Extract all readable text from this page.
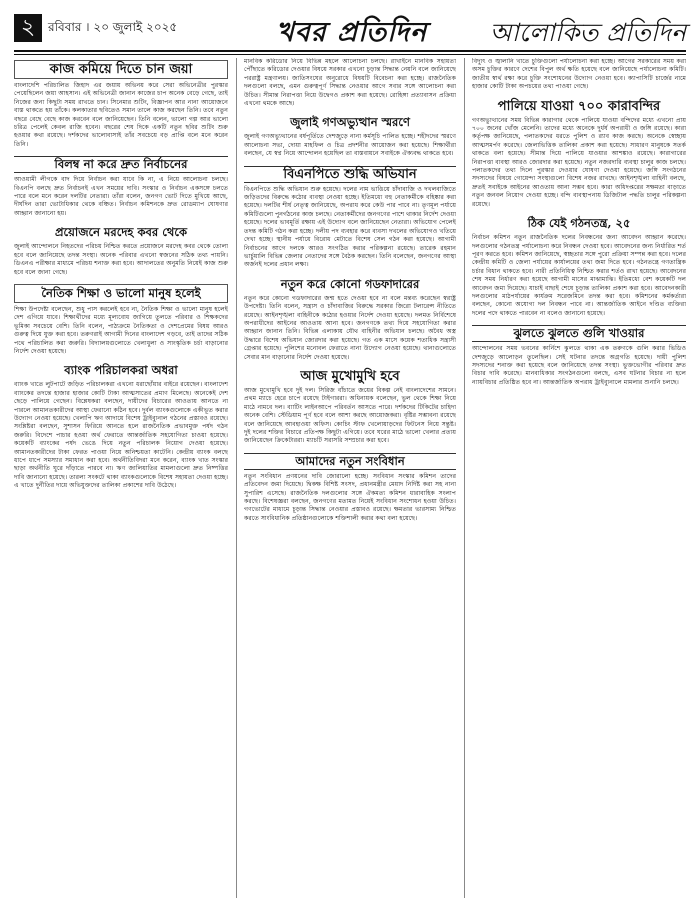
২	রবিবার । ২০ জুলাই ২০২৫	খবর প্রতিদিন	আলোকিত প্রতিদিন
কাজ কমিয়ে দিতে চান জয়া

বাংলাদেশি পরিচালিত জিহাদ এর জয়ায় অভিনয় করে সেরা অভিনেত্রীর পুরস্কার পেয়েছিলেন জয়া আহসান। এই অভিনেত্রী জানান কাজের চাপ অনেক বেড়ে গেছে, তাই নিজের জন্য কিছুটা সময় রাখতে চান। সিনেমার শুটিং, বিজ্ঞাপন আর নানা আয়োজনে ব্যস্ত থাকতে হয় তাঁকে। কলকাতার ছবিতেও সমান তালে কাজ করছেন তিনি। তবে নতুন বছরে বেছে বেছে কাজ করবেন বলে জানিয়েছেন। তিনি বলেন, ভালো গল্প আর ভালো চরিত্র পেলেই কেবল রাজি হবেন। বছরের শেষ দিকে একটি নতুন ছবির শুটিং শুরু হওয়ার কথা রয়েছে। দর্শকদের ভালোবাসাই তাঁর সবচেয়ে বড় প্রাপ্তি বলে মনে করেন তিনি।

বিলম্ব না করে দ্রুত নির্বাচনের

আওয়ামী লীগকে বাদ দিয়ে নির্বাচন করা যাবে কি না, এ নিয়ে আলোচনা চলছে। বিএনপি বলছে দ্রুত নির্বাচনই এখন সময়ের দাবি। সংস্কার ও নির্বাচন একসঙ্গে চলতে পারে বলে মনে করেন দলটির নেতারা। তাঁরা বলেন, জনগণ ভোট দিতে মুখিয়ে আছে, দীর্ঘদিন তারা ভোটাধিকার থেকে বঞ্চিত। নির্বাচন কমিশনকে দ্রুত রোডম্যাপ ঘোষণার আহ্বান জানানো হয়।

প্রয়োজনে মরদেহ কবর থেকে

জুলাই আন্দোলনে নিহতদের পরিচয় নিশ্চিত করতে প্রয়োজনে মরদেহ কবর থেকে তোলা হবে বলে জানিয়েছে তদন্ত সংস্থা। অনেক পরিবার এখনো স্বজনের সঠিক তথ্য পায়নি। ডিএনএ পরীক্ষার মাধ্যমে পরিচয় শনাক্ত করা হবে। আদালতের অনুমতি নিয়েই কাজ শুরু হবে বলে জানা গেছে।

নৈতিক শিক্ষা ও ভালো মানুষ হলেই

শিক্ষা উপদেষ্টা বলেছেন, শুধু পাস করলেই হবে না, নৈতিক শিক্ষা ও ভালো মানুষ হলেই দেশ এগিয়ে যাবে। শিক্ষার্থীদের মধ্যে মূল্যবোধ জাগিয়ে তুলতে পরিবার ও শিক্ষকদের ভূমিকা সবচেয়ে বেশি। তিনি বলেন, পাঠ্যক্রমে নৈতিকতা ও দেশপ্রেমের বিষয় আরও গুরুত্ব দিয়ে যুক্ত করা হবে। তরুণরাই আগামী দিনের বাংলাদেশ গড়বে, তাই তাদের সঠিক পথে পরিচালিত করা জরুরি। বিদ্যালয়গুলোতে খেলাধুলা ও সাংস্কৃতিক চর্চা বাড়ানোর নির্দেশ দেওয়া হয়েছে।

ব্যাংক পরিচালকরা অধরা

ব্যাংক খাতে লুটপাটে জড়িত পরিচালকরা এখনো ধরাছোঁয়ার বাইরে রয়েছেন। বাংলাদেশ ব্যাংকের তদন্তে হাজার হাজার কোটি টাকা আত্মসাতের প্রমাণ মিলেছে। অনেকেই দেশ ছেড়ে পালিয়ে গেছেন। বিশ্লেষকরা বলছেন, দায়ীদের বিচারের আওতায় আনতে না পারলে আমানতকারীদের আস্থা ফেরানো কঠিন হবে। দুর্বল ব্যাংকগুলোকে একীভূত করার উদ্যোগ নেওয়া হয়েছে। খেলাপি ঋণ আদায়ে বিশেষ ট্রাইব্যুনাল গঠনের প্রস্তাবও রয়েছে। সংশ্লিষ্টরা বলছেন, সুশাসন ফিরিয়ে আনতে হলে রাজনৈতিক প্রভাবমুক্ত পর্ষদ গঠন জরুরি। বিদেশে পাচার হওয়া অর্থ ফেরাতে আন্তর্জাতিক সহযোগিতা চাওয়া হয়েছে। কয়েকটি ব্যাংকের পর্ষদ ভেঙে দিয়ে নতুন পরিচালক নিয়োগ দেওয়া হয়েছে। আমানতকারীদের টাকা ফেরত পাওয়া নিয়ে অনিশ্চয়তা কাটেনি। কেন্দ্রীয় ব্যাংক বলছে ধাপে ধাপে সমস্যার সমাধান করা হবে। অর্থনীতিবিদরা মনে করেন, ব্যাংক খাত সংস্কার ছাড়া অর্থনীতি ঘুরে দাঁড়াতে পারবে না। ঋণ জালিয়াতির মামলাগুলো দ্রুত নিষ্পত্তির দাবি জানানো হয়েছে। তারল্য সংকটে থাকা ব্যাংকগুলোকে বিশেষ সহায়তা দেওয়া হচ্ছে। এ খাতে দুর্নীতির দায়ে অভিযুক্তদের তালিকা প্রকাশের দাবি উঠেছে।

মানবিক করিডোর নিয়ে বিভিন্ন মহলে আলোচনা চলছে। রাখাইনে মানবিক সহায়তা পৌঁছাতে করিডোর দেওয়ার বিষয়ে সরকার এখনো চূড়ান্ত সিদ্ধান্ত নেয়নি বলে জানিয়েছে পররাষ্ট্র মন্ত্রণালয়। জাতিসংঘের অনুরোধে বিষয়টি বিবেচনা করা হচ্ছে। রাজনৈতিক দলগুলো বলছে, এমন গুরুত্বপূর্ণ সিদ্ধান্ত নেওয়ার আগে সবার সঙ্গে আলোচনা করা উচিত। সীমান্ত নিরাপত্তা নিয়ে উদ্বেগও প্রকাশ করা হয়েছে। রোহিঙ্গা প্রত্যাবাসন প্রক্রিয়া এখনো থমকে আছে।

জুলাই গণঅভ্যুত্থান স্মরণে

জুলাই গণঅভ্যুত্থানের বর্ষপূর্তিতে দেশজুড়ে নানা কর্মসূচি পালিত হচ্ছে। শহীদদের স্মরণে আলোচনা সভা, দোয়া মাহফিল ও চিত্র প্রদর্শনীর আয়োজন করা হয়েছে। শিক্ষার্থীরা বলছেন, যে স্বপ্ন নিয়ে আন্দোলন হয়েছিল তা বাস্তবায়নে সবাইকে ঐক্যবদ্ধ থাকতে হবে।

বিএনপিতে শুদ্ধি অভিযান

বিএনপিতে শুদ্ধি অভিযান শুরু হয়েছে। দলের নাম ভাঙিয়ে চাঁদাবাজি ও দখলবাজিতে জড়িতদের বিরুদ্ধে কঠোর ব্যবস্থা নেওয়া হচ্ছে। ইতিমধ্যে বহু নেতাকর্মীকে বহিষ্কার করা হয়েছে। দলটির শীর্ষ নেতৃত্ব জানিয়েছে, অপরাধ করে কেউ পার পাবে না। তৃণমূল পর্যায়ে কমিটিগুলো পুনর্গঠনের কাজ চলছে। নেতাকর্মীদের জনগণের পাশে থাকার নির্দেশ দেওয়া হয়েছে। দলের ভাবমূর্তি রক্ষায় এই উদ্যোগ বলে জানিয়েছেন নেতারা। অভিযোগ পেলেই তদন্ত কমিটি গঠন করা হচ্ছে। দলীয় পদ ব্যবহার করে ব্যবসা দখলের অভিযোগও খতিয়ে দেখা হচ্ছে। স্থানীয় পর্যায়ে বিরোধ মেটাতে বিশেষ সেল গঠন করা হয়েছে। আগামী নির্বাচনের আগে দলকে আরও সংগঠিত করার পরিকল্পনা রয়েছে। তারেক রহমান ভার্চুয়ালি বিভিন্ন জেলার নেতাদের সঙ্গে বৈঠক করছেন। তিনি বলেছেন, জনগণের আস্থা অর্জনই দলের প্রধান লক্ষ্য।

নতুন করে কোনো গডফাদারের

নতুন করে কোনো গডফাদারের জন্ম হতে দেওয়া হবে না বলে মন্তব্য করেছেন স্বরাষ্ট্র উপদেষ্টা। তিনি বলেন, সন্ত্রাস ও চাঁদাবাজির বিরুদ্ধে সরকার জিরো টলারেন্স নীতিতে রয়েছে। আইনশৃঙ্খলা বাহিনীকে কঠোর হওয়ার নির্দেশ দেওয়া হয়েছে। দলমত নির্বিশেষে অপরাধীদের আইনের আওতায় আনা হবে। জনগণকে তথ্য দিয়ে সহযোগিতা করার আহ্বান জানান তিনি। বিভিন্ন এলাকায় যৌথ বাহিনীর অভিযান চলছে। অবৈধ অস্ত্র উদ্ধারে বিশেষ অভিযান জোরদার করা হয়েছে। গত এক মাসে কয়েক শতাধিক সন্ত্রাসী গ্রেপ্তার হয়েছে। পুলিশের মনোবল ফেরাতে নানা উদ্যোগ নেওয়া হয়েছে। থানাগুলোতে সেবার মান বাড়ানোর নির্দেশ দেওয়া হয়েছে।

আজ মুখোমুখি হবে

আজ মুখোমুখি হবে দুই দল। সিরিজ বাঁচাতে জয়ের বিকল্প নেই বাংলাদেশের সামনে। প্রথম ম্যাচে হেরে চাপে রয়েছে টাইগাররা। অধিনায়ক বলেছেন, ভুল থেকে শিক্ষা নিয়ে মাঠে নামবে দল। ব্যাটিং লাইনআপে পরিবর্তন আসতে পারে। দর্শকদের টিকিটের চাহিদা অনেক বেশি। স্টেডিয়াম পূর্ণ হবে বলে আশা করছে আয়োজকরা। বৃষ্টির সম্ভাবনা রয়েছে বলে জানিয়েছে আবহাওয়া অফিস। কোচিং স্টাফ খেলোয়াড়দের ফিটনেস নিয়ে সন্তুষ্ট। দুই দলের শক্তির বিচারে প্রতিপক্ষ কিছুটা এগিয়ে। তবে ঘরের মাঠে ভালো খেলার প্রত্যয় জানিয়েছেন ক্রিকেটাররা। ম্যাচটি সরাসরি সম্প্রচার করা হবে।

আমাদের নতুন সংবিধান

নতুন সংবিধান প্রণয়নের দাবি জোরালো হচ্ছে। সংবিধান সংস্কার কমিশন তাদের প্রতিবেদন জমা দিয়েছে। দ্বিকক্ষ বিশিষ্ট সংসদ, প্রধানমন্ত্রীর মেয়াদ নির্দিষ্ট করা সহ নানা সুপারিশ এসেছে। রাজনৈতিক দলগুলোর সঙ্গে ঐকমত্য কমিশন ধারাবাহিক সংলাপ করছে। বিশেষজ্ঞরা বলছেন, জনগণের মতামত নিয়েই সংবিধান সংশোধন হওয়া উচিত। গণভোটের মাধ্যমে চূড়ান্ত সিদ্ধান্ত নেওয়ার প্রস্তাবও রয়েছে। ক্ষমতার ভারসাম্য নিশ্চিত করতে সাংবিধানিক প্রতিষ্ঠানগুলোকে শক্তিশালী করার কথা বলা হয়েছে।

বিদ্যুৎ ও জ্বালানি খাতে চুক্তিগুলো পর্যালোচনা করা হচ্ছে। আগের সরকারের সময় করা অসম চুক্তির কারণে দেশের বিপুল অর্থ ক্ষতি হয়েছে বলে জানিয়েছে পর্যালোচনা কমিটি। জাতীয় স্বার্থ রক্ষা করে চুক্তি সংশোধনের উদ্যোগ নেওয়া হবে। ক্যাপাসিটি চার্জের নামে হাজার কোটি টাকা অপচয়ের তথ্য পাওয়া গেছে।

পালিয়ে যাওয়া ৭০০ কারাবন্দির

গণঅভ্যুত্থানের সময় বিভিন্ন কারাগার থেকে পালিয়ে যাওয়া বন্দিদের মধ্যে এখনো প্রায় ৭০০ জনের খোঁজ মেলেনি। তাদের মধ্যে অনেকে দুর্ধর্ষ অপরাধী ও জঙ্গি রয়েছে। কারা কর্তৃপক্ষ জানিয়েছে, পলাতকদের ধরতে পুলিশ ও র‍্যাব কাজ করছে। অনেকে স্বেচ্ছায় আত্মসমর্পণ করেছে। জেলাভিত্তিক তালিকা প্রকাশ করা হয়েছে। সাধারণ মানুষকে সতর্ক থাকতে বলা হয়েছে। সীমান্ত দিয়ে পালিয়ে যাওয়ার আশঙ্কাও রয়েছে। কারাগারের নিরাপত্তা ব্যবস্থা আরও জোরদার করা হয়েছে। নতুন নজরদারি ব্যবস্থা চালুর কাজ চলছে। পলাতকদের তথ্য দিলে পুরস্কার দেওয়ার ঘোষণা দেওয়া হয়েছে। জঙ্গি সংগঠনের সদস্যদের বিষয়ে গোয়েন্দা সংস্থাগুলো বিশেষ নজর রাখছে। আইনশৃঙ্খলা বাহিনী বলছে, দ্রুতই সবাইকে আইনের আওতায় আনা সম্ভব হবে। কারা অধিদপ্তরের সক্ষমতা বাড়াতে নতুন জনবল নিয়োগ দেওয়া হচ্ছে। বন্দি ব্যবস্থাপনায় ডিজিটাল পদ্ধতি চালুর পরিকল্পনা রয়েছে।

ঠিক যেই গঠনতন্ত্র, ২৫

নির্বাচন কমিশন নতুন রাজনৈতিক দলের নিবন্ধনের জন্য আবেদন আহ্বান করেছে। দলগুলোর গঠনতন্ত্র পর্যালোচনা করে নিবন্ধন দেওয়া হবে। আবেদনের জন্য নির্ধারিত শর্ত পূরণ করতে হবে। কমিশন জানিয়েছে, স্বচ্ছতার সঙ্গে পুরো প্রক্রিয়া সম্পন্ন করা হবে। দলের কেন্দ্রীয় কমিটি ও জেলা পর্যায়ের কার্যালয়ের তথ্য জমা দিতে হবে। গঠনতন্ত্রে গণতান্ত্রিক চর্চার বিধান থাকতে হবে। নারী প্রতিনিধিত্ব নিশ্চিত করার শর্তও রাখা হয়েছে। আবেদনের শেষ সময় নির্ধারণ করা হয়েছে আগামী মাসের মাঝামাঝি। ইতিমধ্যে বেশ কয়েকটি দল আবেদন জমা দিয়েছে। যাচাই বাছাই শেষে চূড়ান্ত তালিকা প্রকাশ করা হবে। আবেদনকারী দলগুলোর মাঠপর্যায়ের কার্যক্রম সরেজমিনে তদন্ত করা হবে। কমিশনের কর্মকর্তারা বলছেন, কোনো অযোগ্য দল নিবন্ধন পাবে না। আন্তর্জাতিক আইনে দণ্ডিত ব্যক্তিরা দলের পদে থাকতে পারবেন না বলেও জানানো হয়েছে।

ঝুলতে ঝুলতে গুলি খাওয়ার

আন্দোলনের সময় ভবনের কার্নিশে ঝুলতে থাকা এক তরুণকে গুলি করার ভিডিও দেশজুড়ে আলোড়ন তুলেছিল। সেই ঘটনার তদন্তে অগ্রগতি হয়েছে। দায়ী পুলিশ সদস্যদের শনাক্ত করা হয়েছে বলে জানিয়েছে তদন্ত সংস্থা। ভুক্তভোগীর পরিবার দ্রুত বিচার দাবি করেছে। মানবাধিকার সংগঠনগুলো বলছে, এসব ঘটনার বিচার না হলে ন্যায়বিচার প্রতিষ্ঠিত হবে না। আন্তর্জাতিক অপরাধ ট্রাইব্যুনালে মামলার শুনানি চলছে।
